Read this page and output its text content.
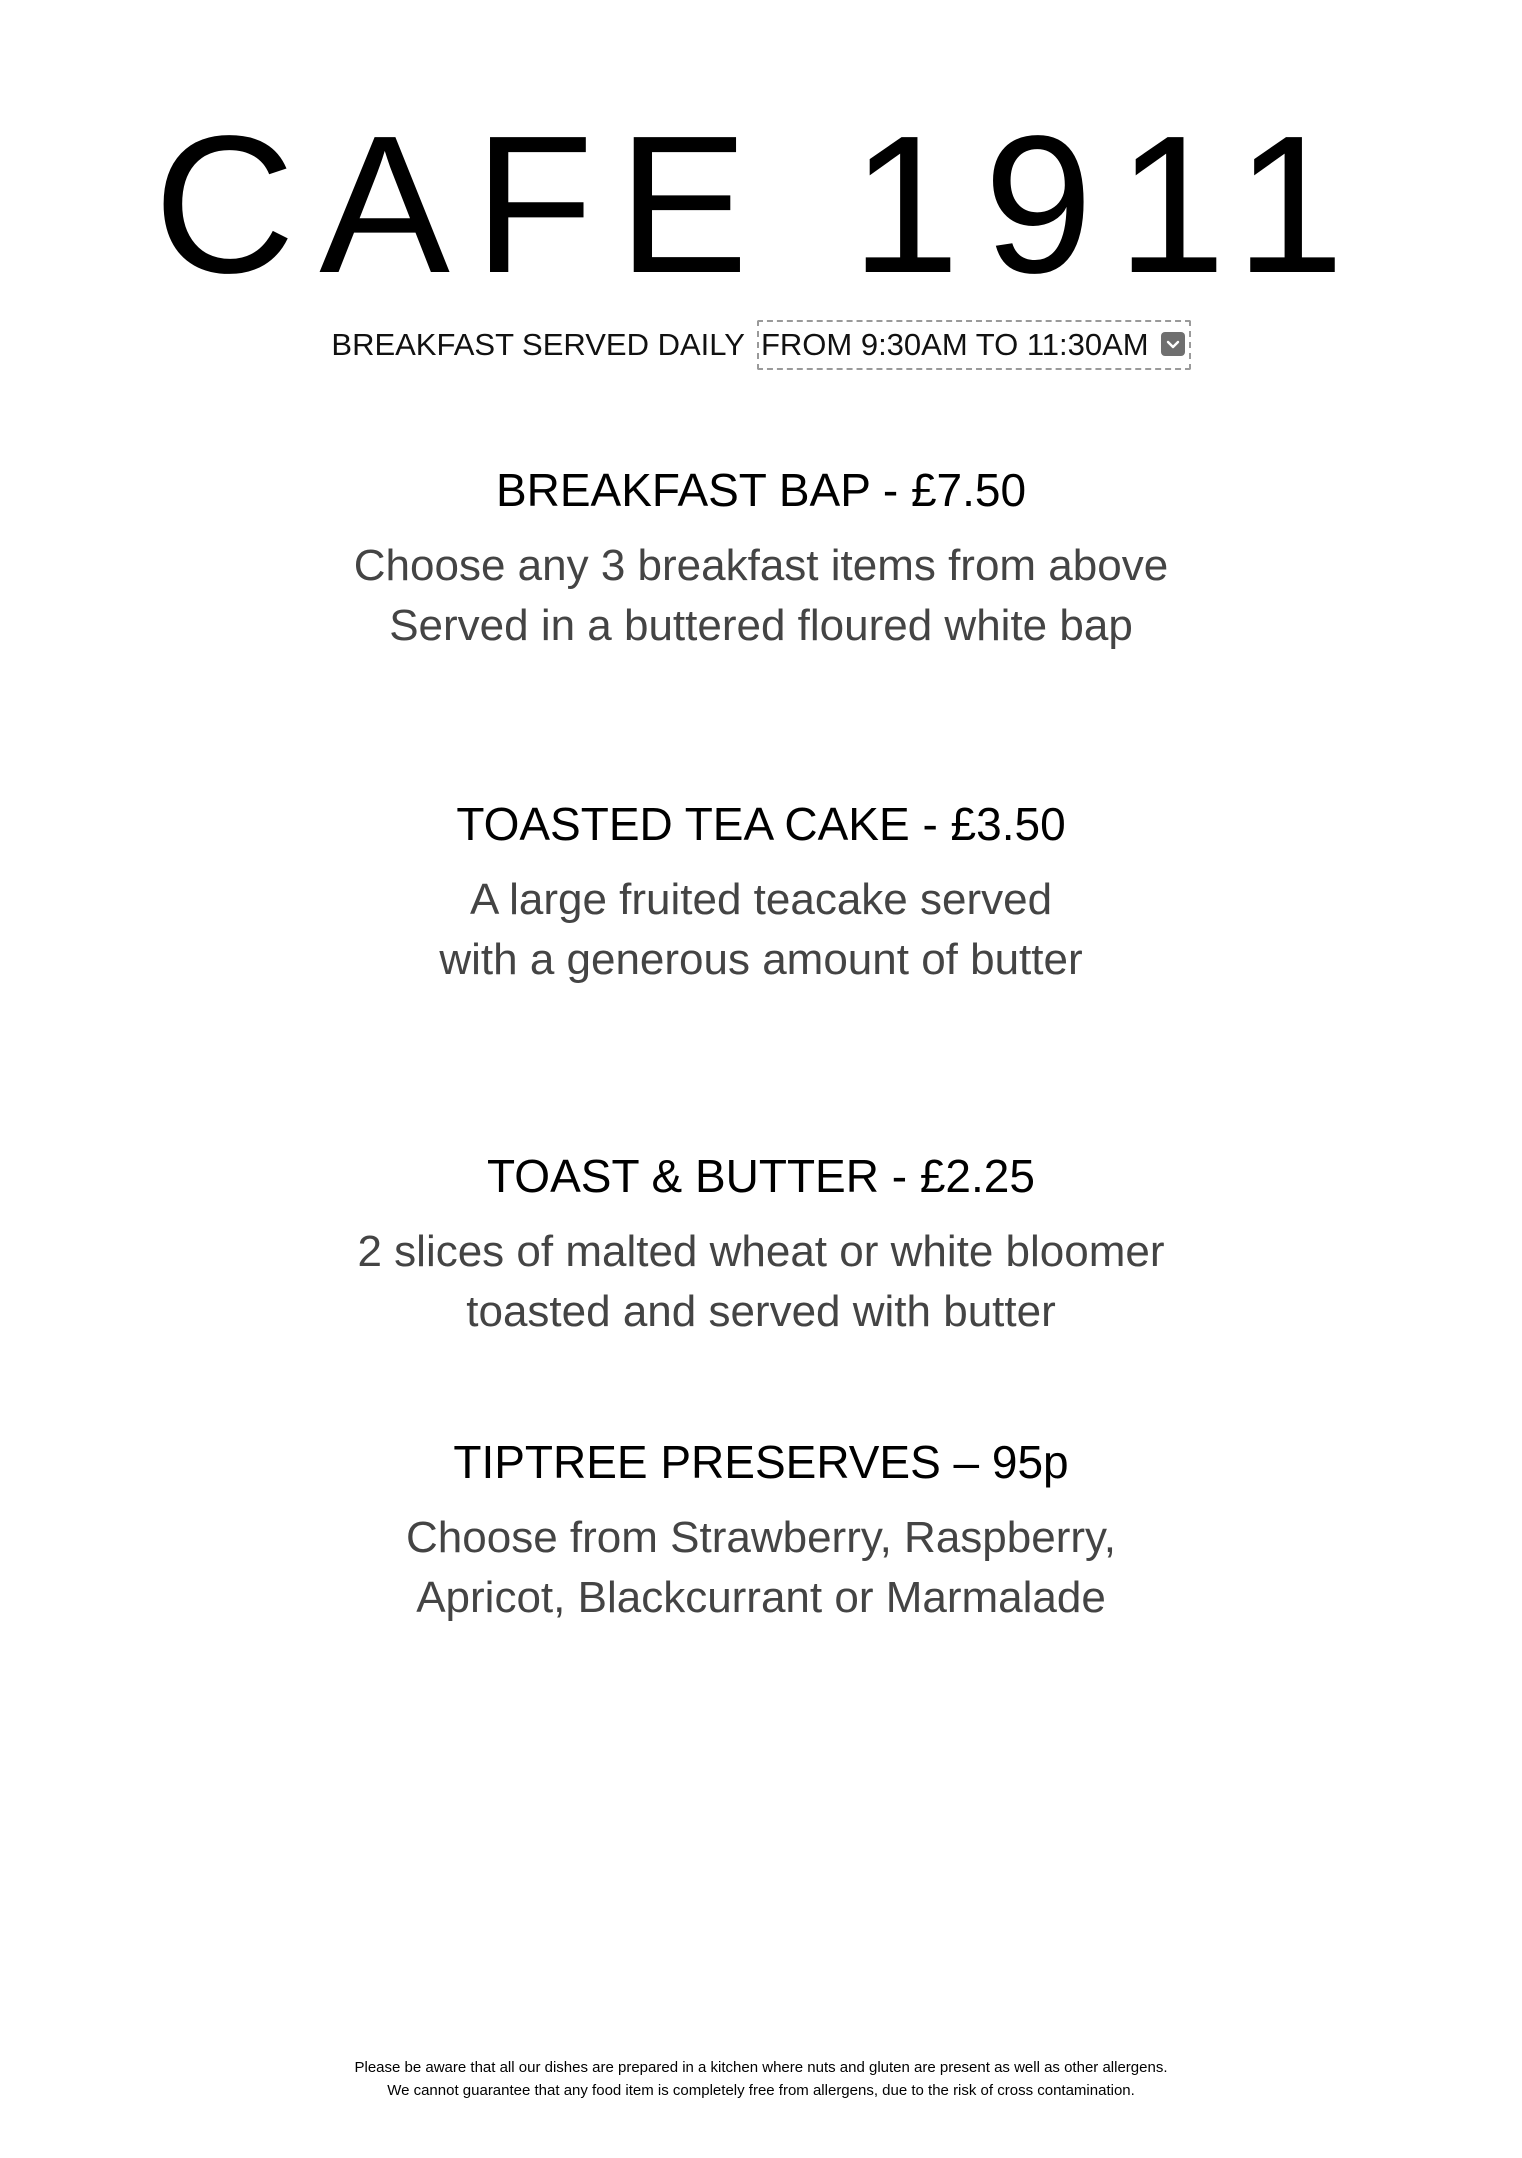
CAFE 1911
BREAKFAST SERVED DAILY FROM 9:30AM TO 11:30AM
BREAKFAST BAP - £7.50
Choose any 3 breakfast items from above
Served in a buttered floured white bap
TOASTED TEA CAKE - £3.50
A large fruited teacake served
with a generous amount of butter
TOAST & BUTTER - £2.25
2 slices of malted wheat or white bloomer
toasted and served with butter
TIPTREE PRESERVES – 95p
Choose from Strawberry, Raspberry,
Apricot, Blackcurrant or Marmalade
Please be aware that all our dishes are prepared in a kitchen where nuts and gluten are present as well as other allergens.
We cannot guarantee that any food item is completely free from allergens, due to the risk of cross contamination.
